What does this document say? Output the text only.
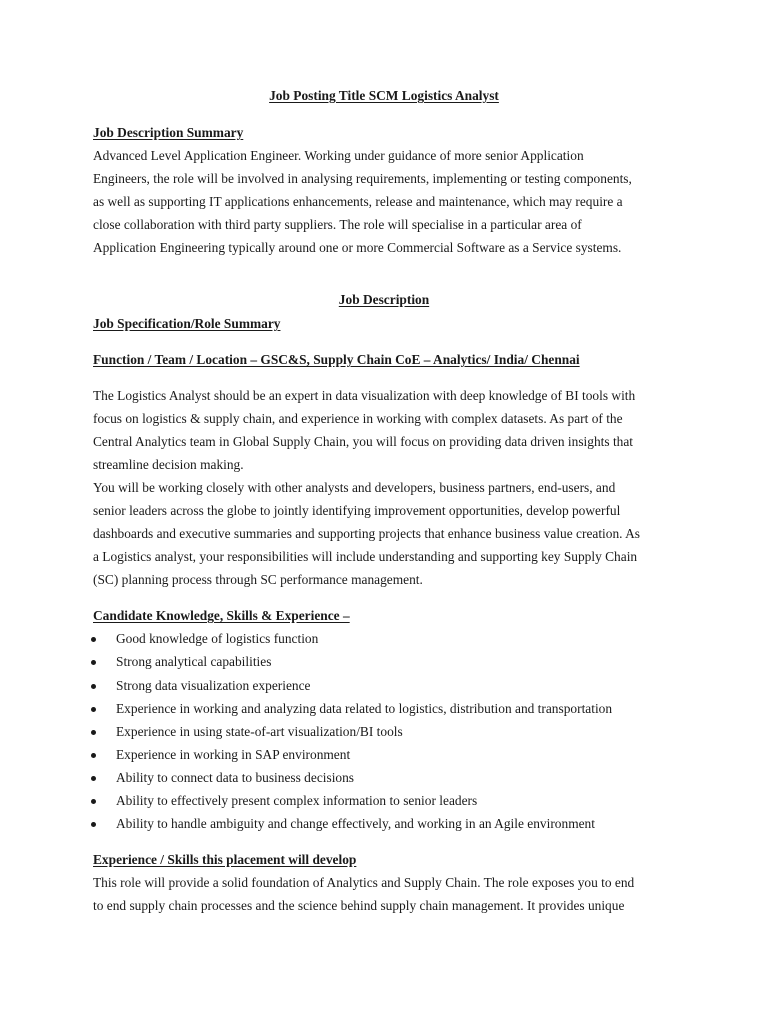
Job Posting Title SCM Logistics Analyst
Job Description Summary
Advanced Level Application Engineer. Working under guidance of more senior Application
Engineers, the role will be involved in analysing requirements, implementing or testing components,
as well as supporting IT applications enhancements, release and maintenance, which may require a
close collaboration with third party suppliers. The role will specialise in a particular area of
Application Engineering typically around one or more Commercial Software as a Service systems.
Job Description
Job Specification/Role Summary
Function / Team / Location – GSC&S, Supply Chain CoE – Analytics/ India/ Chennai
The Logistics Analyst should be an expert in data visualization with deep knowledge of BI tools with
focus on logistics & supply chain, and experience in working with complex datasets. As part of the
Central Analytics team in Global Supply Chain, you will focus on providing data driven insights that
streamline decision making.
You will be working closely with other analysts and developers, business partners, end-users, and
senior leaders across the globe to jointly identifying improvement opportunities, develop powerful
dashboards and executive summaries and supporting projects that enhance business value creation. As
a Logistics analyst, your responsibilities will include understanding and supporting key Supply Chain
(SC) planning process through SC performance management.
Candidate Knowledge, Skills & Experience –
Good knowledge of logistics function
Strong analytical capabilities
Strong data visualization experience
Experience in working and analyzing data related to logistics, distribution and transportation
Experience in using state-of-art visualization/BI tools
Experience in working in SAP environment
Ability to connect data to business decisions
Ability to effectively present complex information to senior leaders
Ability to handle ambiguity and change effectively, and working in an Agile environment
Experience / Skills this placement will develop
This role will provide a solid foundation of Analytics and Supply Chain. The role exposes you to end
to end supply chain processes and the science behind supply chain management. It provides unique
